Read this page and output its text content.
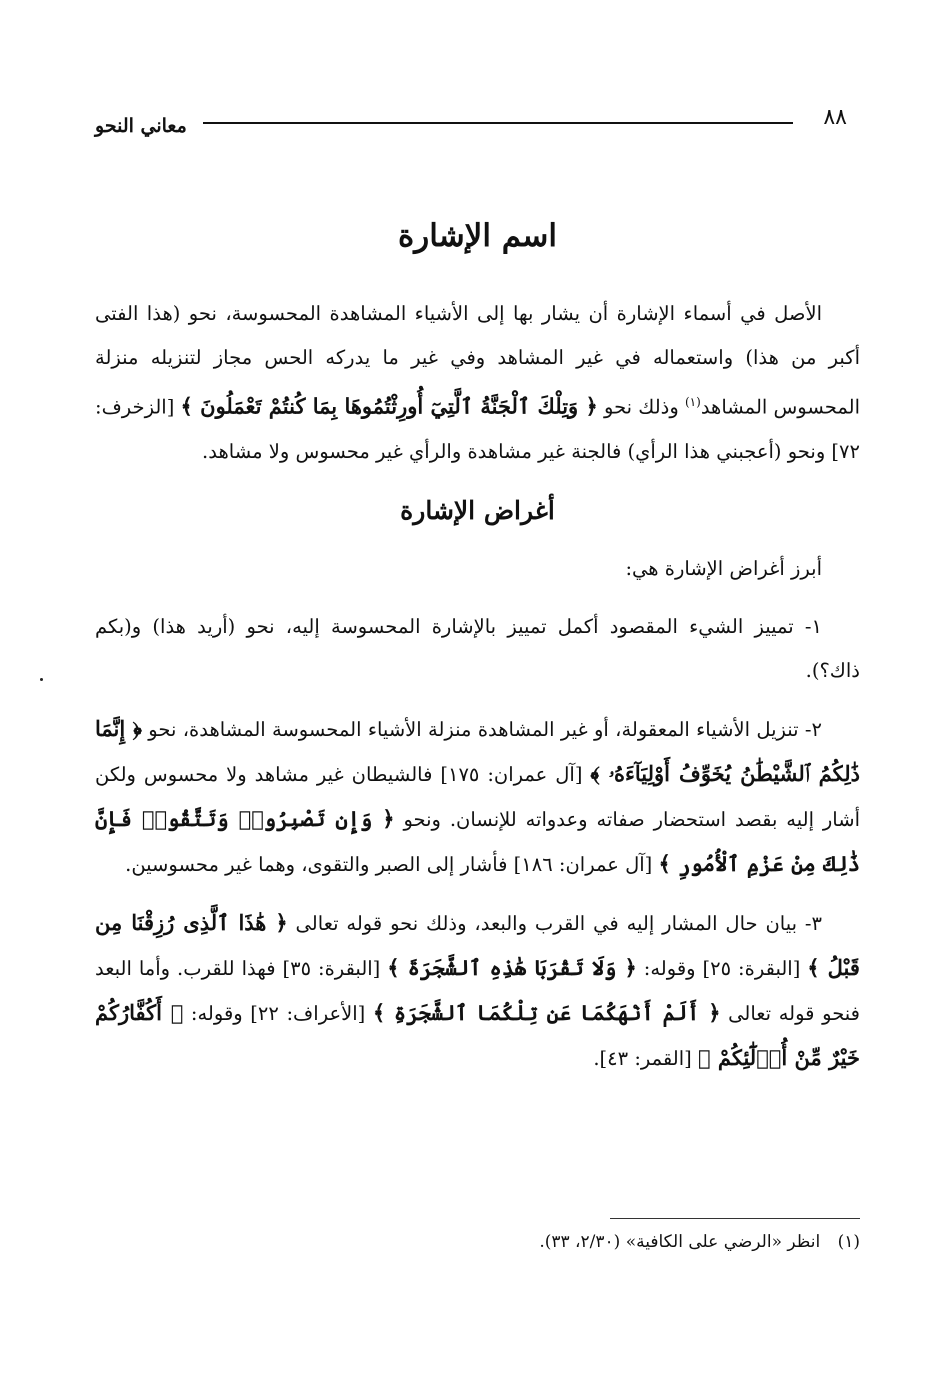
٨٨
معاني النحو
اسم الإشارة

الأصل في أسماء الإشارة أن يشار بها إلى الأشياء المشاهدة المحسوسة، نحو (هذا الفتى أكبر من هذا) واستعماله في غير المشاهد وفي غير ما يدركه الحس مجاز لتنزيله منزلة المحسوس المشاهد$^{(١)}$ وذلك نحو ﴿ وَتِلْكَ ٱلْجَنَّةُ ٱلَّتِيٓ أُورِثْتُمُوهَا بِمَا كُنتُمْ تَعْمَلُونَ ﴾ [الزخرف: ٧٢] ونحو (أعجبني هذا الرأي) فالجنة غير مشاهدة والرأي غير محسوس ولا مشاهد.

أغراض الإشارة

أبرز أغراض الإشارة هي:

١- تمييز الشيء المقصود أكمل تمييز بالإشارة المحسوسة إليه، نحو (أريد هذا) و(بكم ذاك؟).

٢- تنزيل الأشياء المعقولة، أو غير المشاهدة منزلة الأشياء المحسوسة المشاهدة، نحو ﴿ إِنَّمَا ذَٰلِكُمُ ٱلشَّيْطَٰنُ يُخَوِّفُ أَوْلِيَآءَهُۥ ﴾ [آل عمران: ١٧٥] فالشيطان غير مشاهد ولا محسوس ولكن أشار إليه بقصد استحضار صفاته وعدواته للإنسان. ونحو ﴿ وَإِن تَصْبِرُوا۟ وَتَتَّقُوا۟ فَإِنَّ ذَٰلِكَ مِنْ عَزْمِ ٱلْأُمُورِ ﴾ [آل عمران: ١٨٦] فأشار إلى الصبر والتقوى، وهما غير محسوسين.

٣- بيان حال المشار إليه في القرب والبعد، وذلك نحو قوله تعالى ﴿ هَٰذَا ٱلَّذِى رُزِقْنَا مِن قَبْلُ ﴾ [البقرة: ٢٥] وقوله: ﴿ وَلَا تَقْرَبَا هَٰذِهِ ٱلشَّجَرَةَ ﴾ [البقرة: ٣٥] فهذا للقرب. وأما البعد فنحو قوله تعالى ﴿ أَلَمْ أَنْهَكُمَا عَن تِلْكُمَا ٱلشَّجَرَةِ ﴾ [الأعراف: ٢٢] وقوله: ﴿ أَكُفَّارُكُمْ خَيْرٌ مِّنْ أُو۟لَٰٓئِكُمْ ﴾ [القمر: ٤٣].

(١) انظر «الرضي على الكافية» (٢/٣٠، ٣٣).
